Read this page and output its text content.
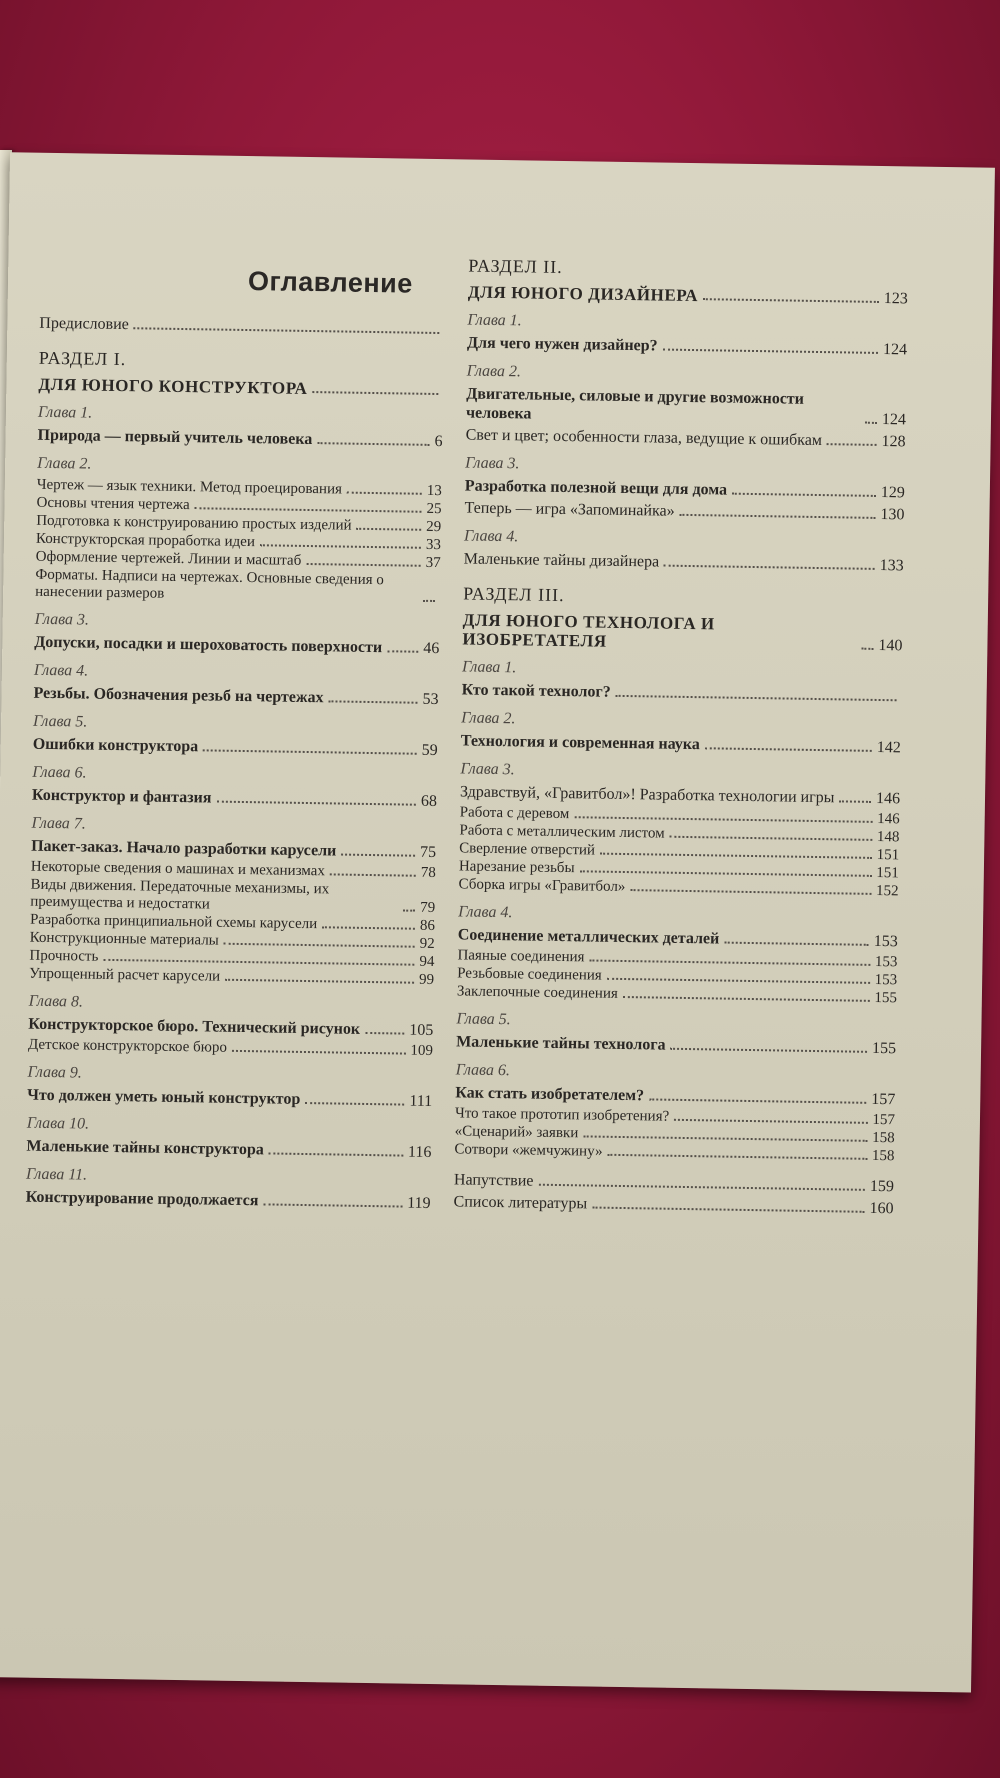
Оглавление
Предисловие
РАЗДЕЛ I.
ДЛЯ ЮНОГО КОНСТРУКТОРА
Глава 1.
Природа — первый учитель человека	6
Глава 2.
Чертеж — язык техники. Метод проецирования	13
Основы чтения чертежа	25
Подготовка к конструированию простых изделий	29
Конструкторская проработка идеи	33
Оформление чертежей. Линии и масштаб	37
Форматы. Надписи на чертежах. Основные сведения о нанесении размеров
Глава 3.
Допуски, посадки и шероховатость поверхности	46
Глава 4.
Резьбы. Обозначения резьб на чертежах	53
Глава 5.
Ошибки конструктора	59
Глава 6.
Конструктор и фантазия	68
Глава 7.
Пакет-заказ. Начало разработки карусели	75
Некоторые сведения о машинах и механизмах	78
Виды движения. Передаточные механизмы, их преимущества и недостатки	79
Разработка принципиальной схемы карусели	86
Конструкционные материалы	92
Прочность	94
Упрощенный расчет карусели	99
Глава 8.
Конструкторское бюро. Технический рисунок	105
Детское конструкторское бюро	109
Глава 9.
Что должен уметь юный конструктор	111
Глава 10.
Маленькие тайны конструктора	116
Глава 11.
Конструирование продолжается	119
РАЗДЕЛ II.
ДЛЯ ЮНОГО ДИЗАЙНЕРА	123
Глава 1.
Для чего нужен дизайнер?	124
Глава 2.
Двигательные, силовые и другие возможности человека	124
Свет и цвет; особенности глаза, ведущие к ошибкам	128
Глава 3.
Разработка полезной вещи для дома	129
Теперь — игра «Запоминайка»	130
Глава 4.
Маленькие тайны дизайнера	133
РАЗДЕЛ III.
ДЛЯ ЮНОГО ТЕХНОЛОГА И ИЗОБРЕТАТЕЛЯ	140
Глава 1.
Кто такой технолог?
Глава 2.
Технология и современная наука	142
Глава 3.
Здравствуй, «Гравитбол»! Разработка технологии игры	146
Работа с деревом	146
Работа с металлическим листом	148
Сверление отверстий	151
Нарезание резьбы	151
Сборка игры «Гравитбол»	152
Глава 4.
Соединение металлических деталей	153
Паяные соединения	153
Резьбовые соединения	153
Заклепочные соединения	155
Глава 5.
Маленькие тайны технолога	155
Глава 6.
Как стать изобретателем?	157
Что такое прототип изобретения?	157
«Сценарий» заявки	158
Сотвори «жемчужину»	158
Напутствие	159
Список литературы	160
